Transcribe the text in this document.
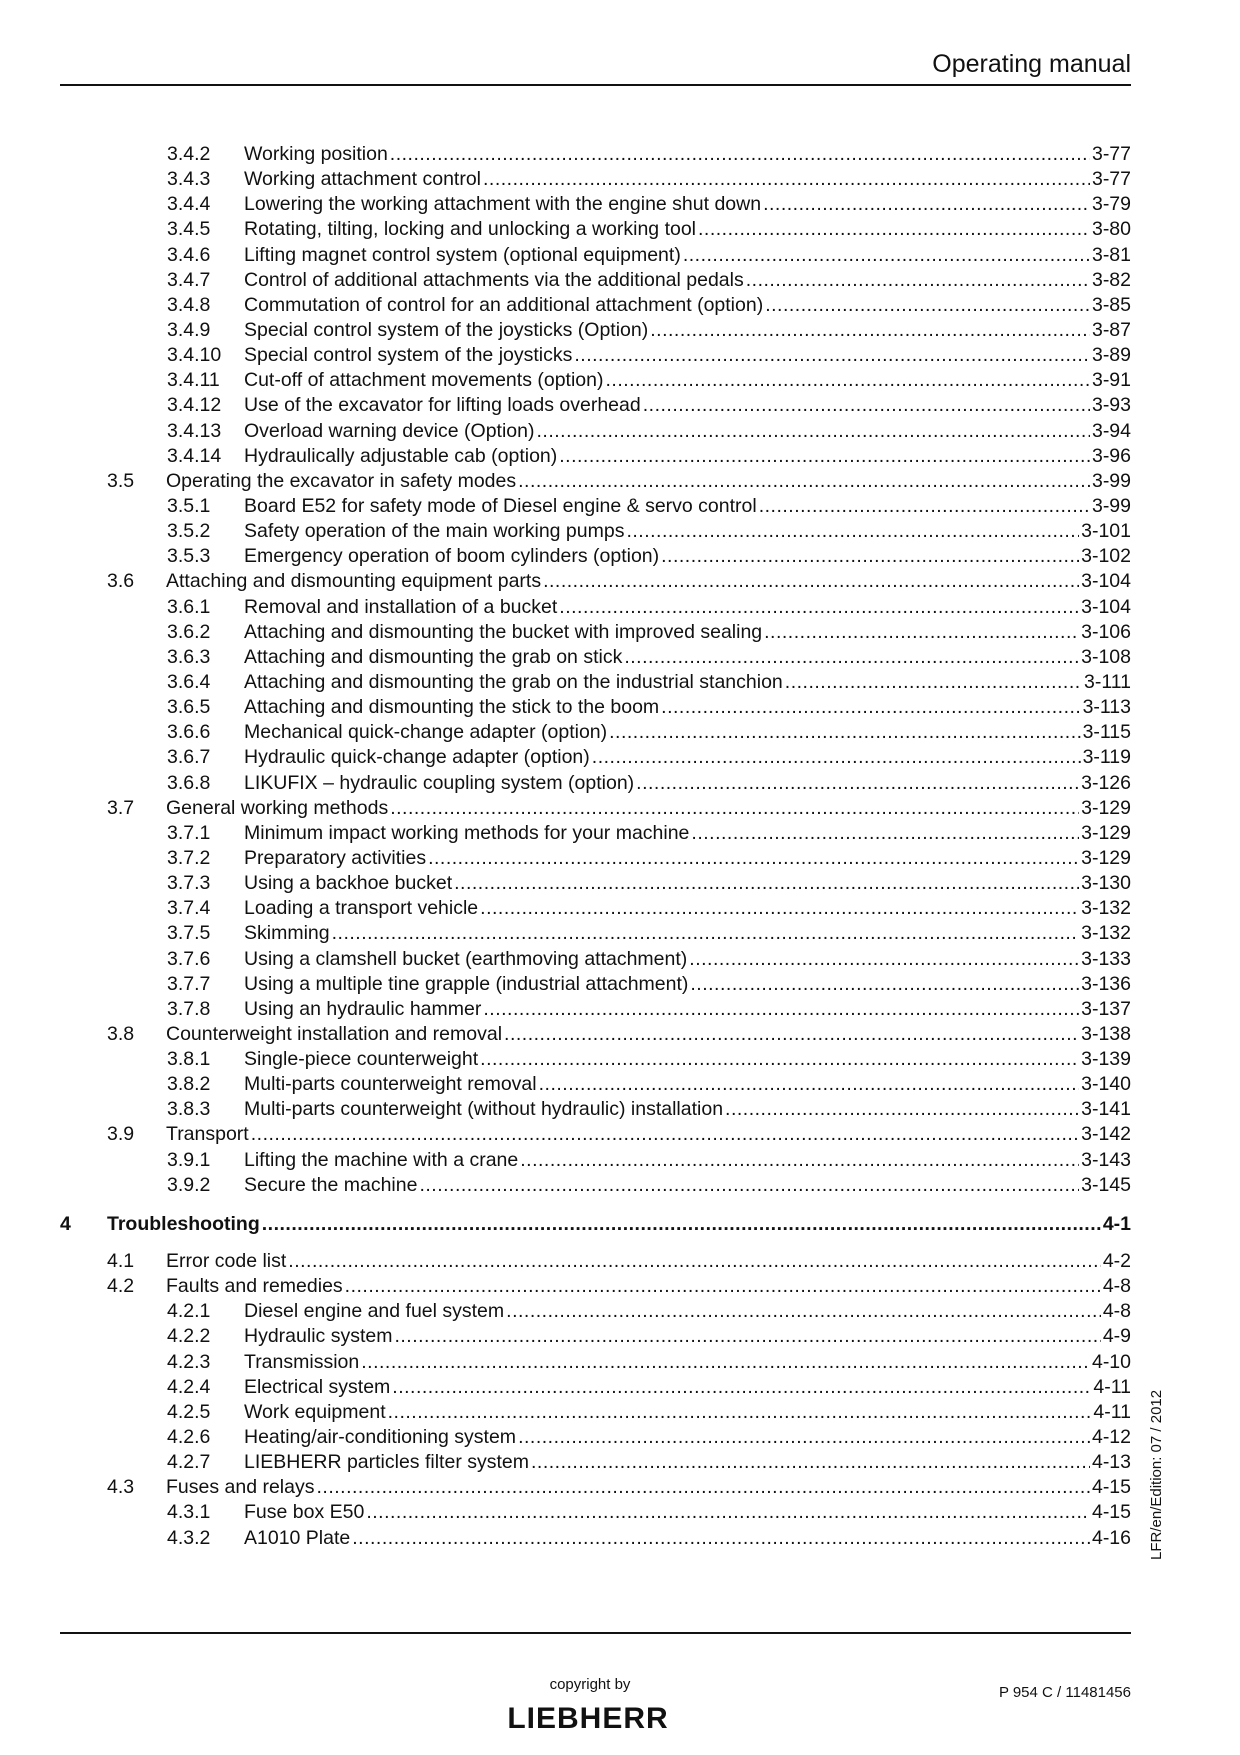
Operating manual
3.4.2	Working position .....	3-77
3.4.3	Working attachment control .....	3-77
3.4.4	Lowering the working attachment with the engine shut down .....	3-79
3.4.5	Rotating, tilting, locking and unlocking a working tool .....	3-80
3.4.6	Lifting magnet control system (optional equipment) .....	3-81
3.4.7	Control of additional attachments via the additional pedals .....	3-82
3.4.8	Commutation of control for an additional attachment (option) .....	3-85
3.4.9	Special control system of the joysticks (Option) .....	3-87
3.4.10	Special control system of the joysticks .....	3-89
3.4.11	Cut-off of attachment movements (option) .....	3-91
3.4.12	Use of the excavator for lifting loads overhead .....	3-93
3.4.13	Overload warning device (Option) .....	3-94
3.4.14	Hydraulically adjustable cab (option) .....	3-96
3.5	Operating the excavator in safety modes .....	3-99
3.5.1	Board E52 for safety mode of Diesel engine & servo control .....	3-99
3.5.2	Safety operation of the main working pumps .....	3-101
3.5.3	Emergency operation of boom cylinders (option) .....	3-102
3.6	Attaching and dismounting equipment parts .....	3-104
3.6.1	Removal and installation of a bucket .....	3-104
3.6.2	Attaching and dismounting the bucket with improved sealing .....	3-106
3.6.3	Attaching and dismounting the grab on stick .....	3-108
3.6.4	Attaching and dismounting the grab on the industrial stanchion .....	3-111
3.6.5	Attaching and dismounting the stick to the boom .....	3-113
3.6.6	Mechanical quick-change adapter (option) .....	3-115
3.6.7	Hydraulic quick-change adapter (option) .....	3-119
3.6.8	LIKUFIX – hydraulic coupling system (option) .....	3-126
3.7	General working methods .....	3-129
3.7.1	Minimum impact working methods for your machine .....	3-129
3.7.2	Preparatory activities .....	3-129
3.7.3	Using a backhoe bucket .....	3-130
3.7.4	Loading a transport vehicle .....	3-132
3.7.5	Skimming .....	3-132
3.7.6	Using a clamshell bucket (earthmoving attachment) .....	3-133
3.7.7	Using a multiple tine grapple (industrial attachment) .....	3-136
3.7.8	Using an hydraulic hammer .....	3-137
3.8	Counterweight installation and removal .....	3-138
3.8.1	Single-piece counterweight .....	3-139
3.8.2	Multi-parts counterweight removal .....	3-140
3.8.3	Multi-parts counterweight (without hydraulic) installation .....	3-141
3.9	Transport .....	3-142
3.9.1	Lifting the machine with a crane .....	3-143
3.9.2	Secure the machine .....	3-145
4	Troubleshooting .....	4-1
4.1	Error code list .....	4-2
4.2	Faults and remedies .....	4-8
4.2.1	Diesel engine and fuel system .....	4-8
4.2.2	Hydraulic system .....	4-9
4.2.3	Transmission .....	4-10
4.2.4	Electrical system .....	4-11
4.2.5	Work equipment .....	4-11
4.2.6	Heating/air-conditioning system .....	4-12
4.2.7	LIEBHERR particles filter system .....	4-13
4.3	Fuses and relays .....	4-15
4.3.1	Fuse box E50 .....	4-15
4.3.2	A1010 Plate .....	4-16 LFR/en/Edition: 07 / 2012
copyright by
LIEBHERR
P 954 C / 11481456
